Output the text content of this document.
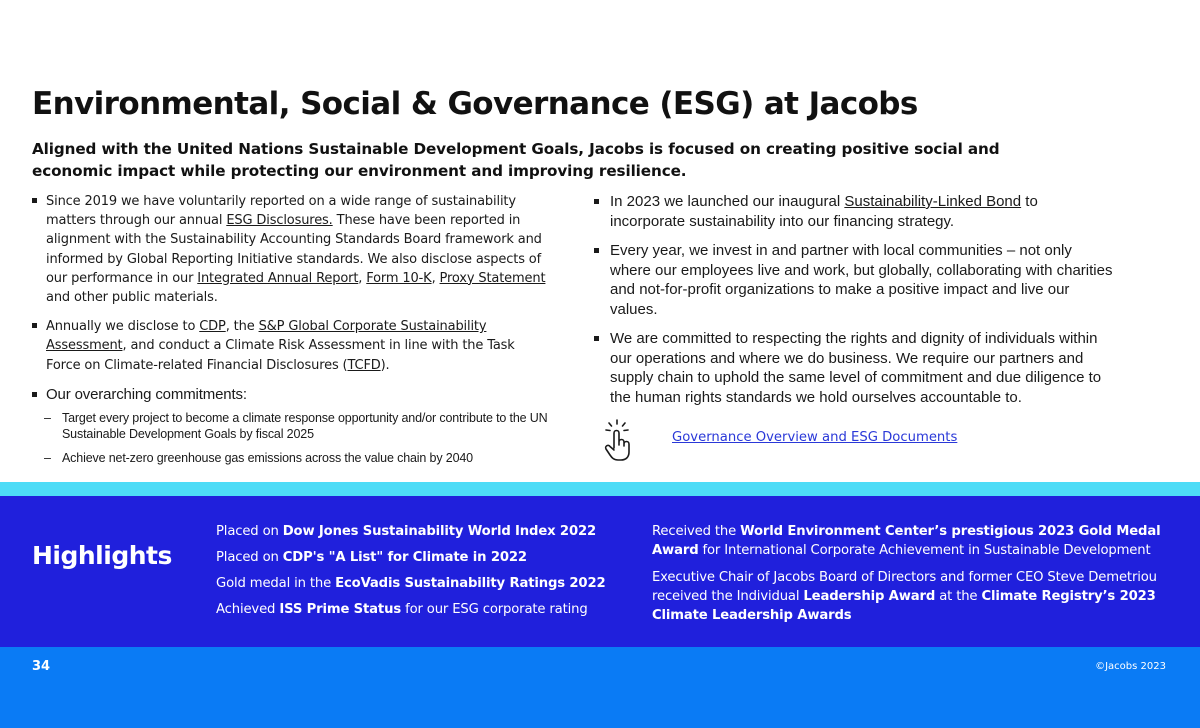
Environmental, Social & Governance (ESG) at Jacobs
Aligned with the United Nations Sustainable Development Goals, Jacobs is focused on creating positive social and economic impact while protecting our environment and improving resilience.
Since 2019 we have voluntarily reported on a wide range of sustainability matters through our annual ESG Disclosures. These have been reported in alignment with the Sustainability Accounting Standards Board framework and informed by Global Reporting Initiative standards. We also disclose aspects of our performance in our Integrated Annual Report, Form 10-K, Proxy Statement and other public materials.
Annually we disclose to CDP, the S&P Global Corporate Sustainability Assessment, and conduct a Climate Risk Assessment in line with the Task Force on Climate-related Financial Disclosures (TCFD).
Our overarching commitments:
– Target every project to become a climate response opportunity and/or contribute to the UN Sustainable Development Goals by fiscal 2025
– Achieve net-zero greenhouse gas emissions across the value chain by 2040
In 2023 we launched our inaugural Sustainability-Linked Bond to incorporate sustainability into our financing strategy.
Every year, we invest in and partner with local communities – not only where our employees live and work, but globally, collaborating with charities and not-for-profit organizations to make a positive impact and live our values.
We are committed to respecting the rights and dignity of individuals within our operations and where we do business. We require our partners and supply chain to uphold the same level of commitment and due diligence to the human rights standards we hold ourselves accountable to.
Governance Overview and ESG Documents
Highlights
Placed on Dow Jones Sustainability World Index 2022
Placed on CDP's "A List" for Climate in 2022
Gold medal in the EcoVadis Sustainability Ratings 2022
Achieved ISS Prime Status for our ESG corporate rating
Received the World Environment Center’s prestigious 2023 Gold Medal Award for International Corporate Achievement in Sustainable Development
Executive Chair of Jacobs Board of Directors and former CEO Steve Demetriou received the Individual Leadership Award at the Climate Registry’s 2023 Climate Leadership Awards
34	©Jacobs 2023
